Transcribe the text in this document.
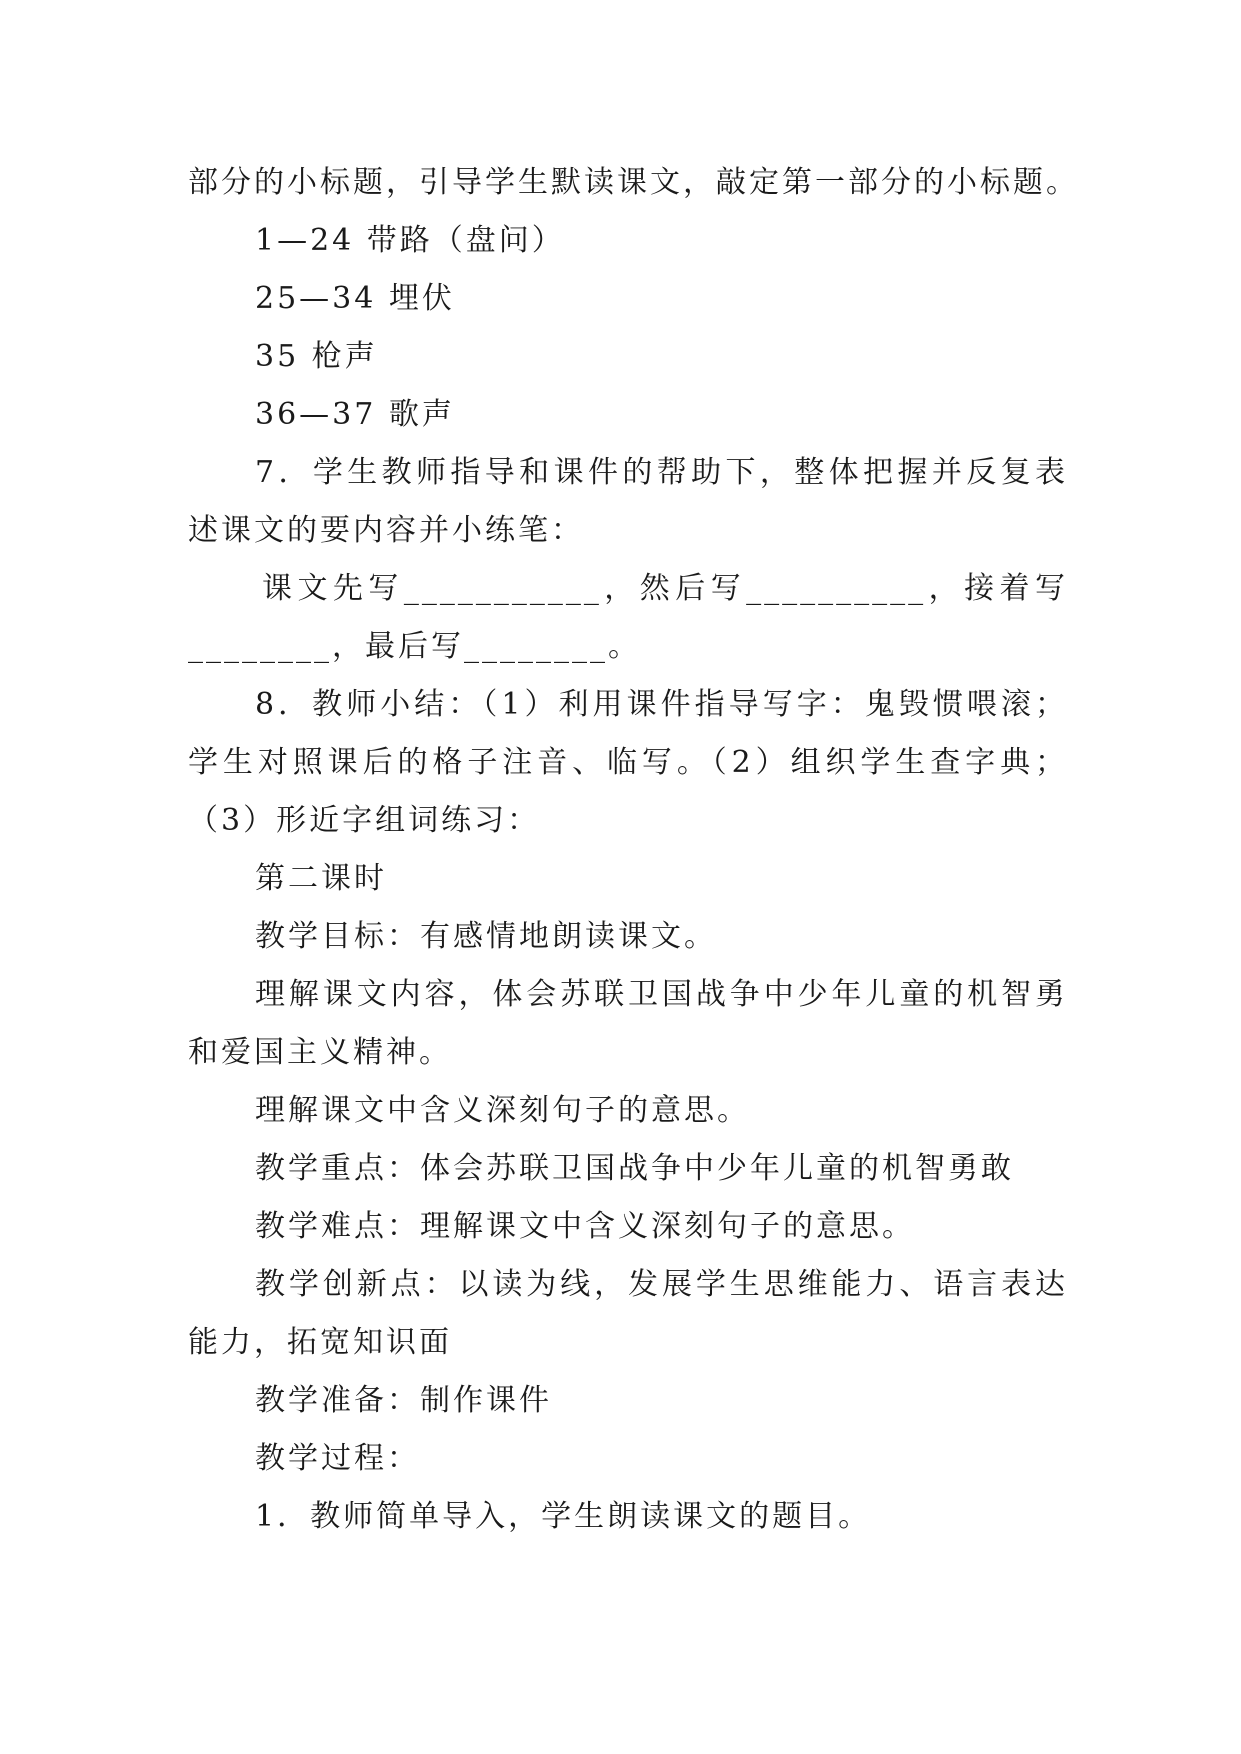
部分的小标题，引导学生默读课文，敲定第一部分的小标题。
1—24 带路（盘问）
25—34 埋伏
35 枪声
36—37 歌声
7．学生教师指导和课件的帮助下，整体把握并反复表
述课文的要内容并小练笔：
课文先写___________，然后写__________，接着写
________，最后写________。
8．教师小结：（1）利用课件指导写字：鬼毁惯喂滚；
学生对照课后的格子注音、临写。（2）组织学生查字典；
（3）形近字组词练习：
第二课时
教学目标：有感情地朗读课文。
理解课文内容，体会苏联卫国战争中少年儿童的机智勇
和爱国主义精神。
理解课文中含义深刻句子的意思。
教学重点：体会苏联卫国战争中少年儿童的机智勇敢
教学难点：理解课文中含义深刻句子的意思。
教学创新点：以读为线，发展学生思维能力、语言表达
能力，拓宽知识面
教学准备：制作课件
教学过程：
1．教师简单导入，学生朗读课文的题目。
